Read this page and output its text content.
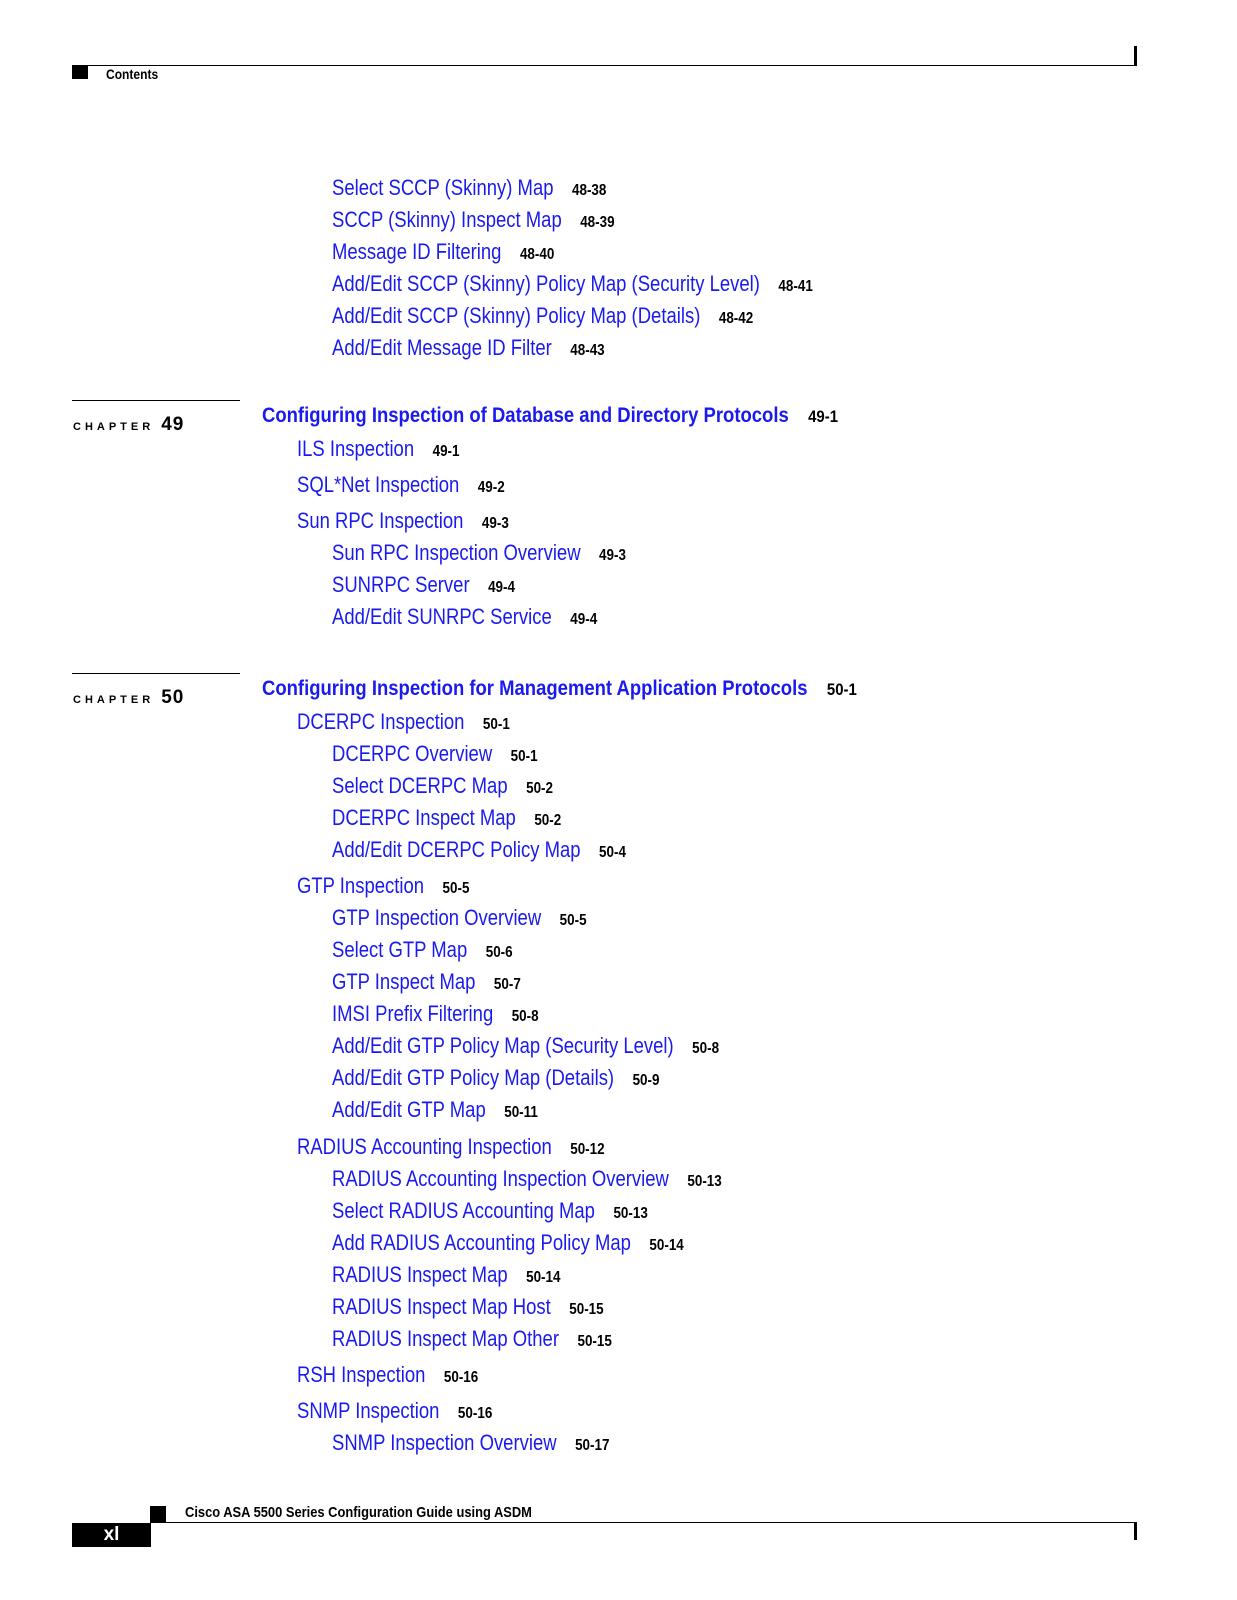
Contents
Select SCCP (Skinny) Map 48-38
SCCP (Skinny) Inspect Map 48-39
Message ID Filtering 48-40
Add/Edit SCCP (Skinny) Policy Map (Security Level) 48-41
Add/Edit SCCP (Skinny) Policy Map (Details) 48-42
Add/Edit Message ID Filter 48-43
CHAPTER 49	Configuring Inspection of Database and Directory Protocols 49-1
ILS Inspection 49-1
SQL*Net Inspection 49-2
Sun RPC Inspection 49-3
Sun RPC Inspection Overview 49-3
SUNRPC Server 49-4
Add/Edit SUNRPC Service 49-4
CHAPTER 50	Configuring Inspection for Management Application Protocols 50-1
DCERPC Inspection 50-1
DCERPC Overview 50-1
Select DCERPC Map 50-2
DCERPC Inspect Map 50-2
Add/Edit DCERPC Policy Map 50-4
GTP Inspection 50-5
GTP Inspection Overview 50-5
Select GTP Map 50-6
GTP Inspect Map 50-7
IMSI Prefix Filtering 50-8
Add/Edit GTP Policy Map (Security Level) 50-8
Add/Edit GTP Policy Map (Details) 50-9
Add/Edit GTP Map 50-11
RADIUS Accounting Inspection 50-12
RADIUS Accounting Inspection Overview 50-13
Select RADIUS Accounting Map 50-13
Add RADIUS Accounting Policy Map 50-14
RADIUS Inspect Map 50-14
RADIUS Inspect Map Host 50-15
RADIUS Inspect Map Other 50-15
RSH Inspection 50-16
SNMP Inspection 50-16
SNMP Inspection Overview 50-17
Cisco ASA 5500 Series Configuration Guide using ASDM
xl
